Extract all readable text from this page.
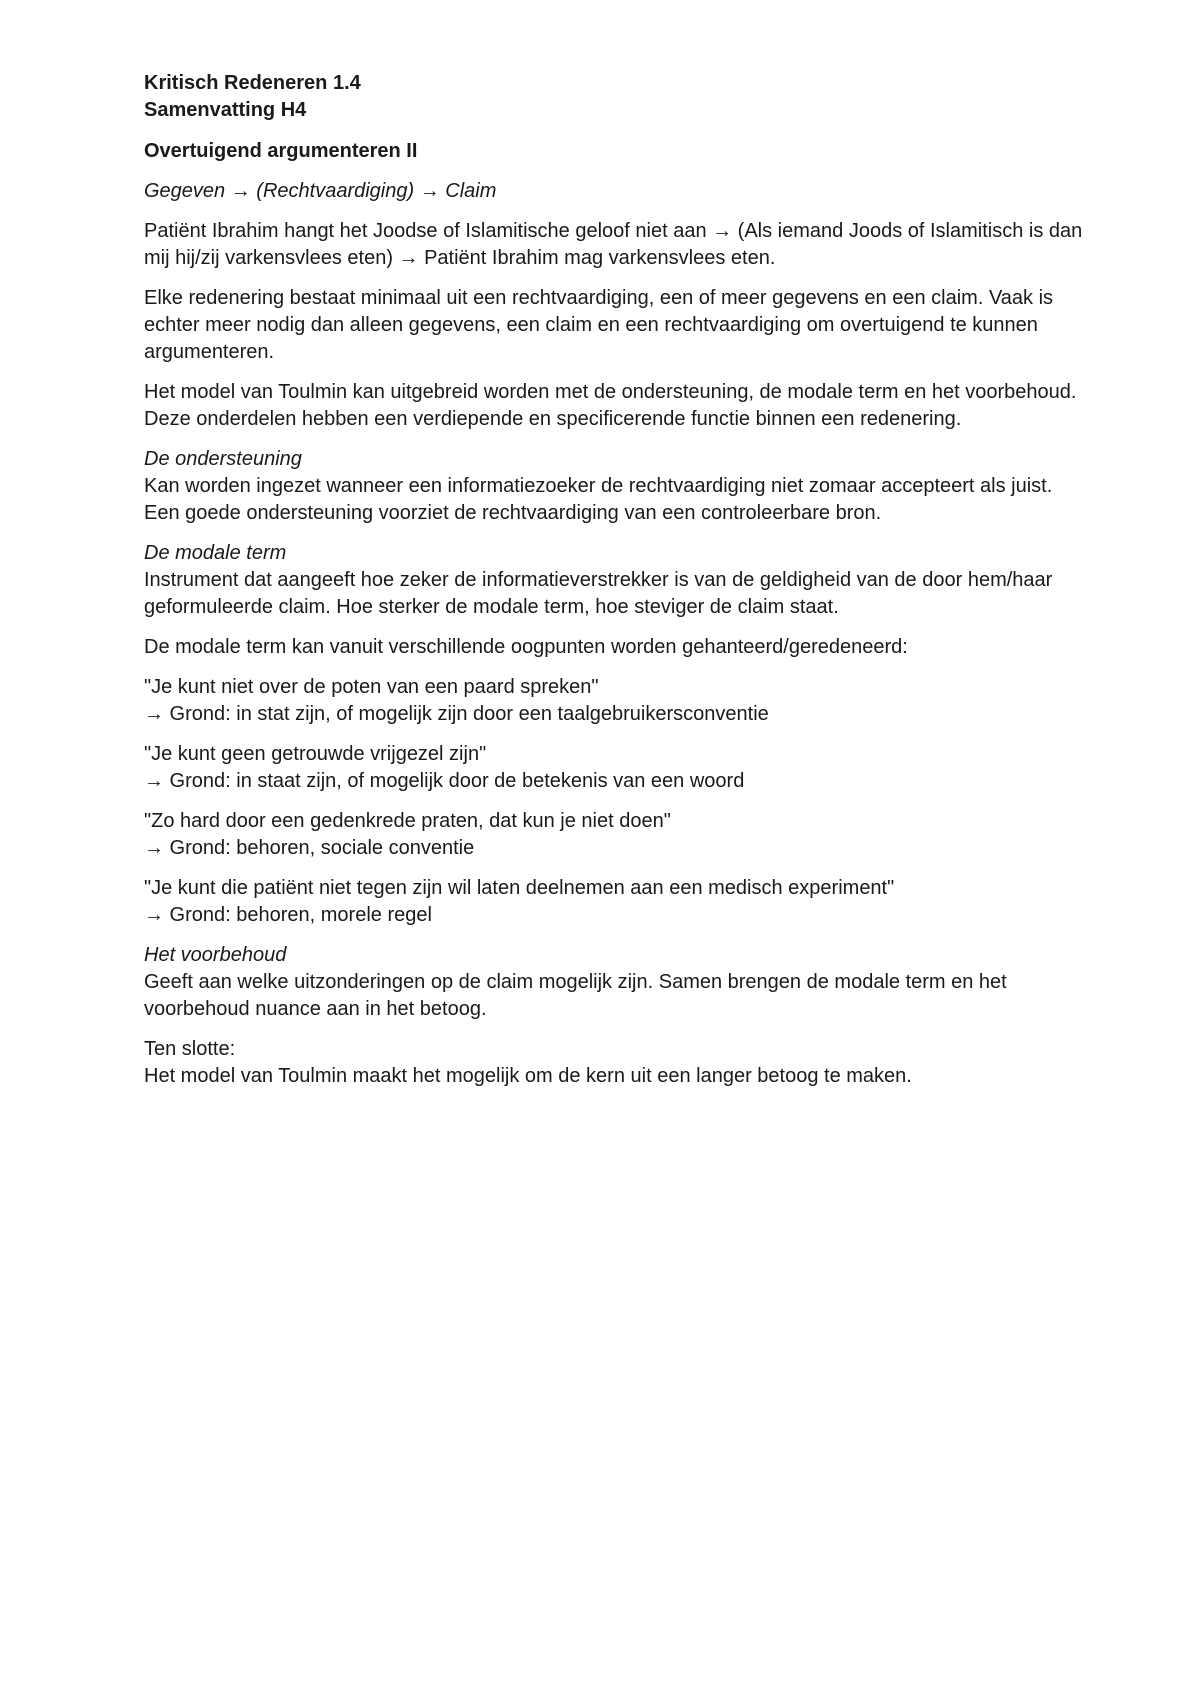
Kritisch Redeneren 1.4
Samenvatting H4

Overtuigend argumenteren II

Gegeven → (Rechtvaardiging) → Claim

Patiënt Ibrahim hangt het Joodse of Islamitische geloof niet aan → (Als iemand Joods of Islamitisch is dan mij hij/zij varkensvlees eten) → Patiënt Ibrahim mag varkensvlees eten.

Elke redenering bestaat minimaal uit een rechtvaardiging, een of meer gegevens en een claim. Vaak is echter meer nodig dan alleen gegevens, een claim en een rechtvaardiging om overtuigend te kunnen argumenteren.

Het model van Toulmin kan uitgebreid worden met de ondersteuning, de modale term en het voorbehoud. Deze onderdelen hebben een verdiepende en specificerende functie binnen een redenering.

De ondersteuning
Kan worden ingezet wanneer een informatiezoeker de rechtvaardiging niet zomaar accepteert als juist. Een goede ondersteuning voorziet de rechtvaardiging van een controleerbare bron.

De modale term
Instrument dat aangeeft hoe zeker de informatieverstrekker is van de geldigheid van de door hem/haar geformuleerde claim. Hoe sterker de modale term, hoe steviger de claim staat.

De modale term kan vanuit verschillende oogpunten worden gehanteerd/geredeneerd:

"Je kunt niet over de poten van een paard spreken"
→ Grond: in stat zijn, of mogelijk zijn door een taalgebruikersconventie

"Je kunt geen getrouwde vrijgezel zijn"
→ Grond: in staat zijn, of mogelijk door de betekenis van een woord

"Zo hard door een gedenkrede praten, dat kun je niet doen"
→ Grond: behoren, sociale conventie

"Je kunt die patiënt niet tegen zijn wil laten deelnemen aan een medisch experiment"
→ Grond: behoren, morele regel

Het voorbehoud
Geeft aan welke uitzonderingen op de claim mogelijk zijn. Samen brengen de modale term en het voorbehoud nuance aan in het betoog.

Ten slotte:
Het model van Toulmin maakt het mogelijk om de kern uit een langer betoog te maken.
